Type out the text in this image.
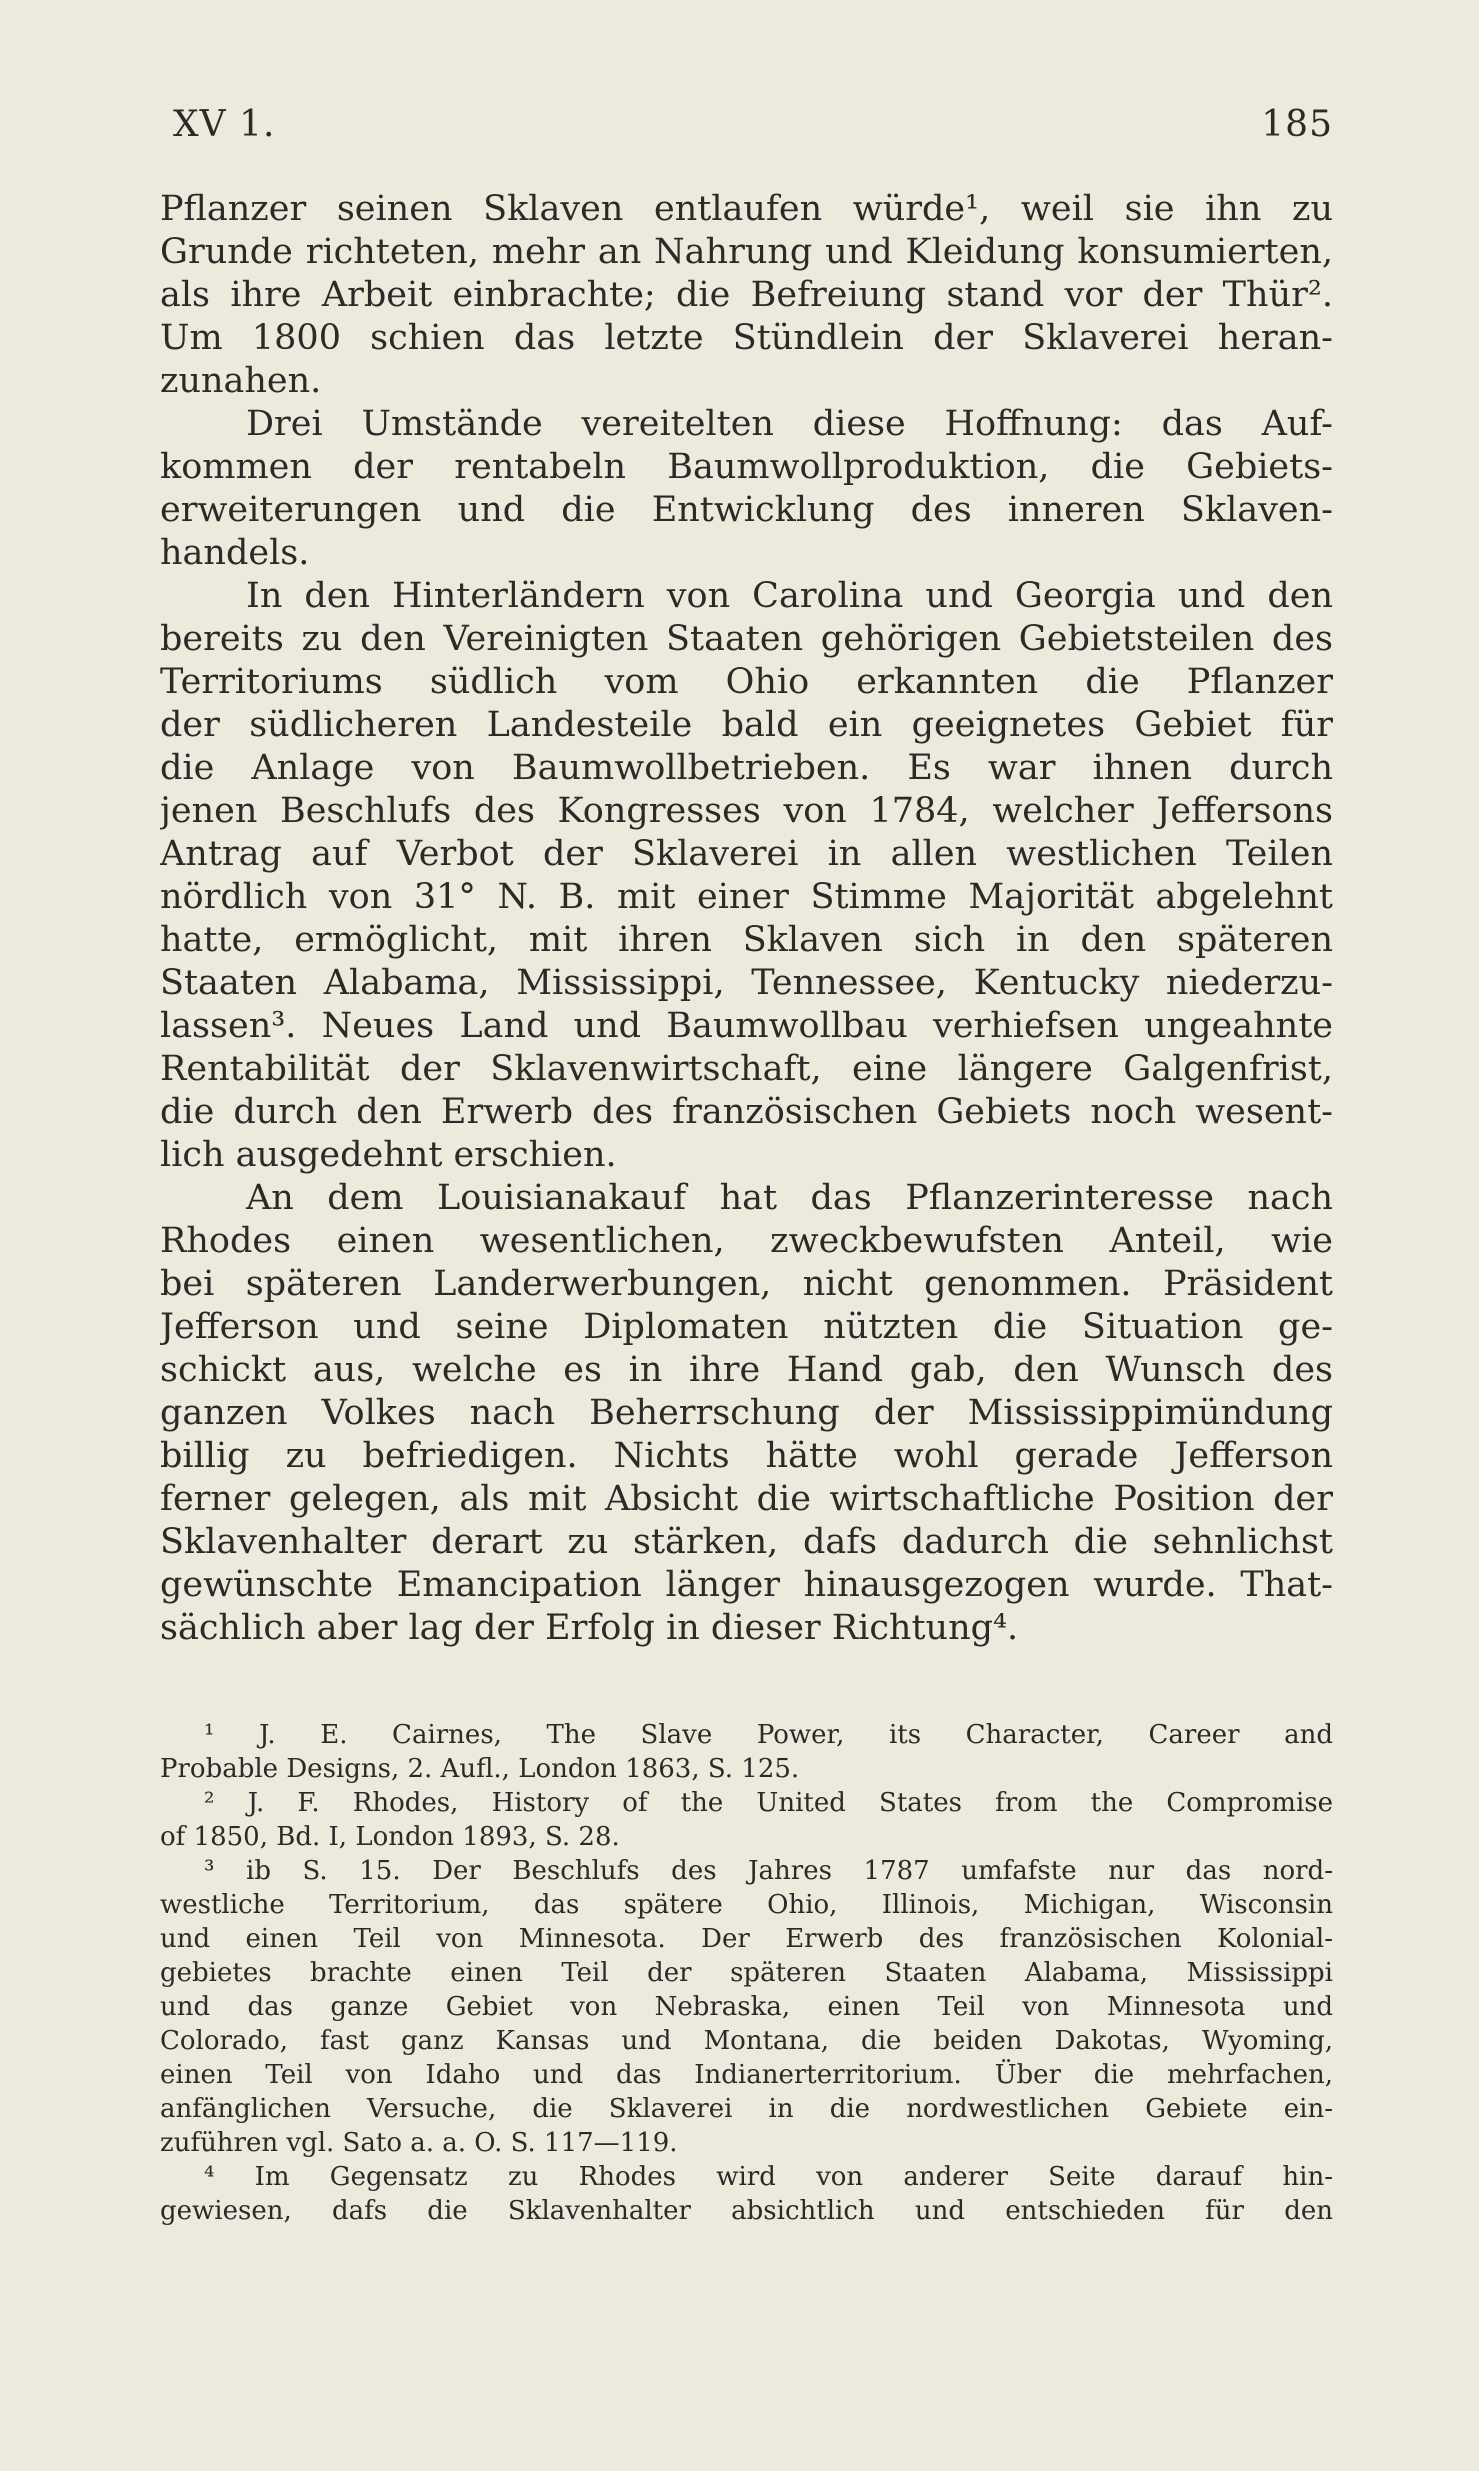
XV 1.	185
Pflanzer seinen Sklaven entlaufen würde¹, weil sie ihn zu
Grunde richteten, mehr an Nahrung und Kleidung konsumierten,
als ihre Arbeit einbrachte; die Befreiung stand vor der Thür².
Um 1800 schien das letzte Stündlein der Sklaverei heran-
zunahen.
Drei Umstände vereitelten diese Hoffnung: das Auf-
kommen der rentabeln Baumwollproduktion, die Gebiets-
erweiterungen und die Entwicklung des inneren Sklaven-
handels.
In den Hinterländern von Carolina und Georgia und den
bereits zu den Vereinigten Staaten gehörigen Gebietsteilen des
Territoriums südlich vom Ohio erkannten die Pflanzer
der südlicheren Landesteile bald ein geeignetes Gebiet für
die Anlage von Baumwollbetrieben. Es war ihnen durch
jenen Beschlufs des Kongresses von 1784, welcher Jeffersons
Antrag auf Verbot der Sklaverei in allen westlichen Teilen
nördlich von 31° N. B. mit einer Stimme Majorität abgelehnt
hatte, ermöglicht, mit ihren Sklaven sich in den späteren
Staaten Alabama, Mississippi, Tennessee, Kentucky niederzu-
lassen³. Neues Land und Baumwollbau verhiefsen ungeahnte
Rentabilität der Sklavenwirtschaft, eine längere Galgenfrist,
die durch den Erwerb des französischen Gebiets noch wesent-
lich ausgedehnt erschien.
An dem Louisianakauf hat das Pflanzerinteresse nach
Rhodes einen wesentlichen, zweckbewufsten Anteil, wie
bei späteren Landerwerbungen, nicht genommen. Präsident
Jefferson und seine Diplomaten nützten die Situation ge-
schickt aus, welche es in ihre Hand gab, den Wunsch des
ganzen Volkes nach Beherrschung der Mississippimündung
billig zu befriedigen. Nichts hätte wohl gerade Jefferson
ferner gelegen, als mit Absicht die wirtschaftliche Position der
Sklavenhalter derart zu stärken, dafs dadurch die sehnlichst
gewünschte Emancipation länger hinausgezogen wurde. That-
sächlich aber lag der Erfolg in dieser Richtung⁴.
¹ J. E. Cairnes, The Slave Power, its Character, Career and
Probable Designs, 2. Aufl., London 1863, S. 125.
² J. F. Rhodes, History of the United States from the Compromise
of 1850, Bd. I, London 1893, S. 28.
³ ib S. 15. Der Beschlufs des Jahres 1787 umfafste nur das nord-
westliche Territorium, das spätere Ohio, Illinois, Michigan, Wisconsin
und einen Teil von Minnesota. Der Erwerb des französischen Kolonial-
gebietes brachte einen Teil der späteren Staaten Alabama, Mississippi
und das ganze Gebiet von Nebraska, einen Teil von Minnesota und
Colorado, fast ganz Kansas und Montana, die beiden Dakotas, Wyoming,
einen Teil von Idaho und das Indianerterritorium. Über die mehrfachen,
anfänglichen Versuche, die Sklaverei in die nordwestlichen Gebiete ein-
zuführen vgl. Sato a. a. O. S. 117—119.
⁴ Im Gegensatz zu Rhodes wird von anderer Seite darauf hin-
gewiesen, dafs die Sklavenhalter absichtlich und entschieden für den
